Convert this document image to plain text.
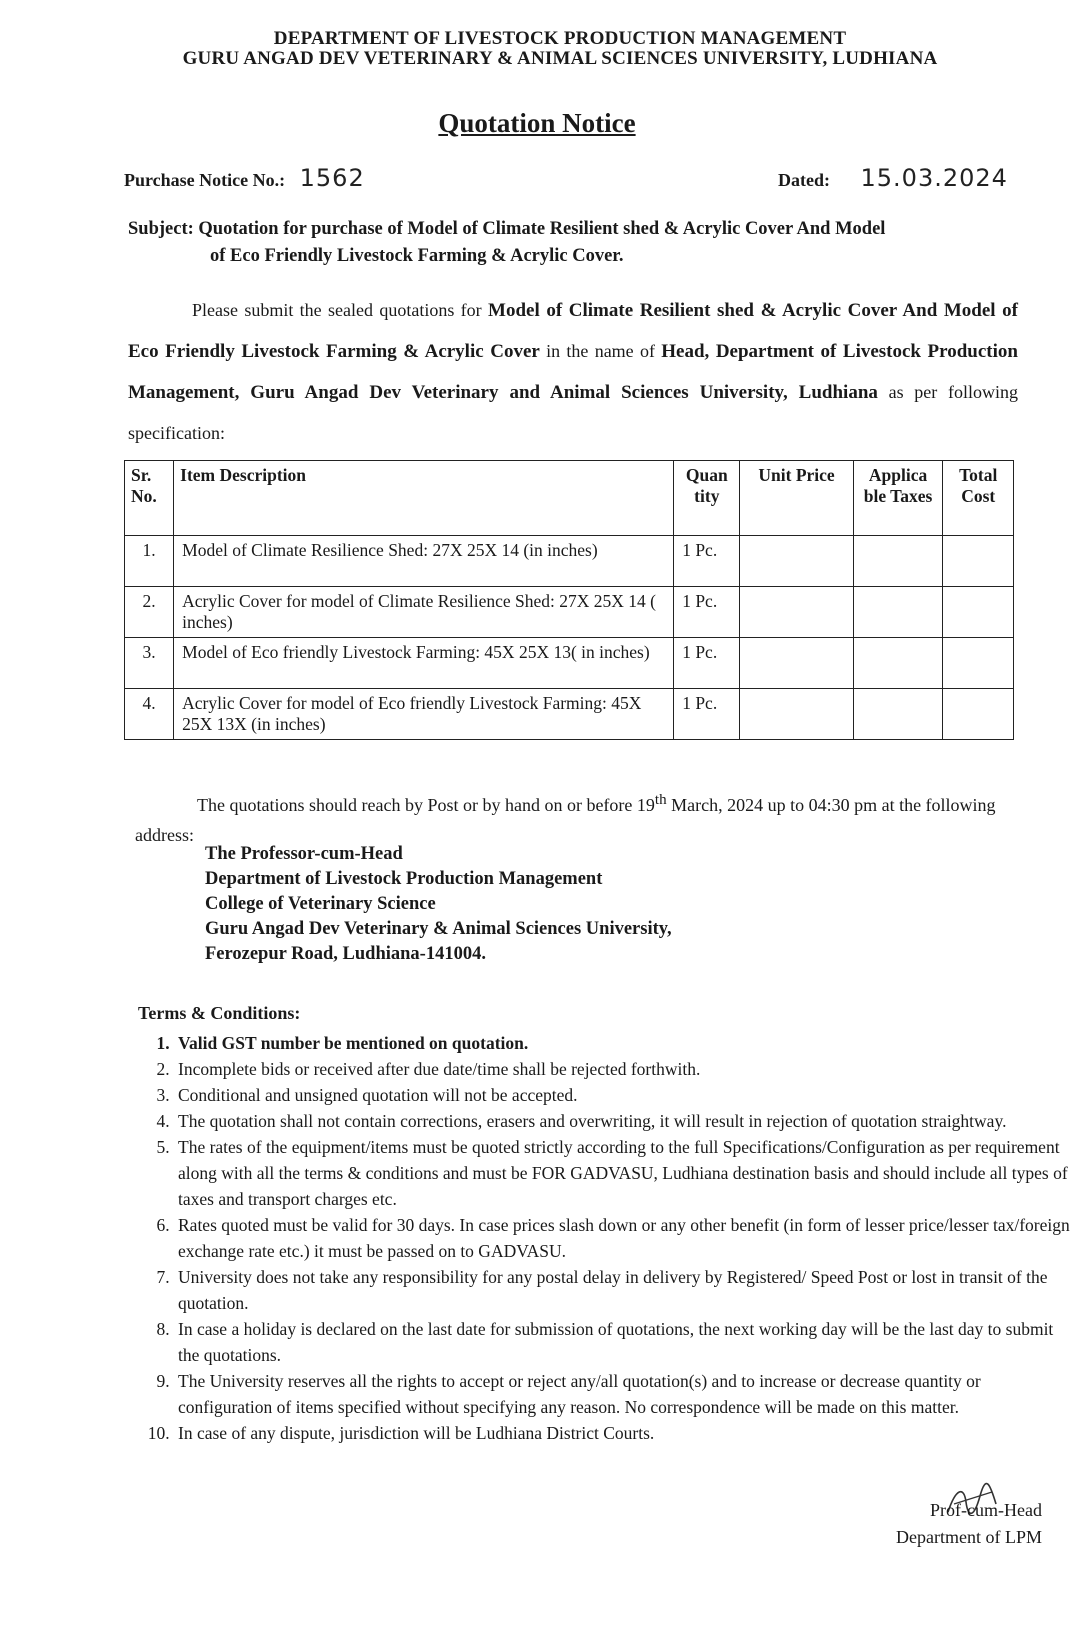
DEPARTMENT OF LIVESTOCK PRODUCTION MANAGEMENT
GURU ANGAD DEV VETERINARY & ANIMAL SCIENCES UNIVERSITY, LUDHIANA
Quotation Notice
Purchase Notice No.: 1562	Dated: 15.03.2024
Subject: Quotation for purchase of Model of Climate Resilient shed & Acrylic Cover And Model
of Eco Friendly Livestock Farming & Acrylic Cover.
Please submit the sealed quotations for Model of Climate Resilient shed & Acrylic Cover And Model of Eco Friendly Livestock Farming & Acrylic Cover in the name of Head, Department of Livestock Production Management, Guru Angad Dev Veterinary and Animal Sciences University, Ludhiana as per following specification:
Sr. No.	Item Description	Quan tity	Unit Price	Applica ble Taxes	Total Cost
1.	Model of Climate Resilience Shed: 27X 25X 14 (in inches)	1 Pc.			
2.	Acrylic Cover for model of Climate Resilience Shed: 27X 25X 14 ( inches)	1 Pc.			
3.	Model of Eco friendly Livestock Farming: 45X 25X 13( in inches)	1 Pc.			
4.	Acrylic Cover for model of Eco friendly Livestock Farming: 45X 25X 13X (in inches)	1 Pc.			
The quotations should reach by Post or by hand on or before 19th March, 2024 up to 04:30 pm at the following address:
The Professor-cum-Head
Department of Livestock Production Management
College of Veterinary Science
Guru Angad Dev Veterinary & Animal Sciences University,
Ferozepur Road, Ludhiana-141004.
Terms & Conditions:
1. Valid GST number be mentioned on quotation.
2. Incomplete bids or received after due date/time shall be rejected forthwith.
3. Conditional and unsigned quotation will not be accepted.
4. The quotation shall not contain corrections, erasers and overwriting, it will result in rejection of quotation straightway.
5. The rates of the equipment/items must be quoted strictly according to the full Specifications/Configuration as per requirement along with all the terms & conditions and must be FOR GADVASU, Ludhiana destination basis and should include all types of taxes and transport charges etc.
6. Rates quoted must be valid for 30 days. In case prices slash down or any other benefit (in form of lesser price/lesser tax/foreign exchange rate etc.) it must be passed on to GADVASU.
7. University does not take any responsibility for any postal delay in delivery by Registered/ Speed Post or lost in transit of the quotation.
8. In case a holiday is declared on the last date for submission of quotations, the next working day will be the last day to submit the quotations.
9. The University reserves all the rights to accept or reject any/all quotation(s) and to increase or decrease quantity or configuration of items specified without specifying any reason. No correspondence will be made on this matter.
10. In case of any dispute, jurisdiction will be Ludhiana District Courts.
Prof-cum-Head
Department of LPM
